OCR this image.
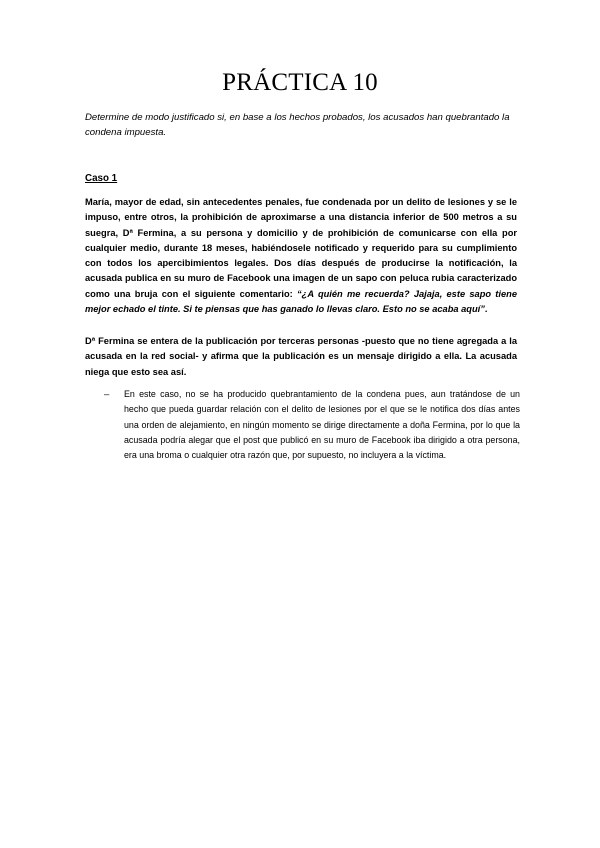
PRÁCTICA 10
Determine de modo justificado si, en base a los hechos probados, los acusados han quebrantado la condena impuesta.
Caso 1
María, mayor de edad, sin antecedentes penales, fue condenada por un delito de lesiones y se le impuso, entre otros, la prohibición de aproximarse a una distancia inferior de 500 metros a su suegra, Dª Fermina, a su persona y domicilio y de prohibición de comunicarse con ella por cualquier medio, durante 18 meses, habiéndosele notificado y requerido para su cumplimiento con todos los apercibimientos legales. Dos días después de producirse la notificación, la acusada publica en su muro de Facebook una imagen de un sapo con peluca rubia caracterizado como una bruja con el siguiente comentario: “¿A quién me recuerda? Jajaja, este sapo tiene mejor echado el tinte. Si te piensas que has ganado lo llevas claro. Esto no se acaba aquí”.
Dª Fermina se entera de la publicación por terceras personas -puesto que no tiene agregada a la acusada en la red social- y afirma que la publicación es un mensaje dirigido a ella. La acusada niega que esto sea así.
– En este caso, no se ha producido quebrantamiento de la condena pues, aun tratándose de un hecho que pueda guardar relación con el delito de lesiones por el que se le notifica dos días antes una orden de alejamiento, en ningún momento se dirige directamente a doña Fermina, por lo que la acusada podría alegar que el post que publicó en su muro de Facebook iba dirigido a otra persona, era una broma o cualquier otra razón que, por supuesto, no incluyera a la víctima.
